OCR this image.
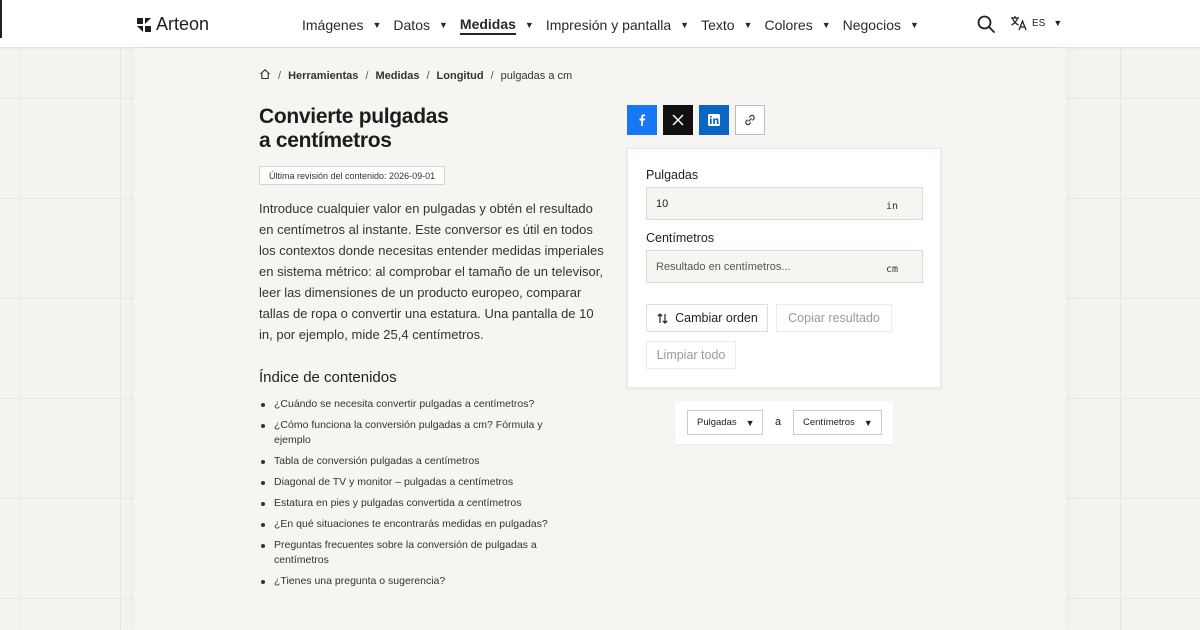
Arteon	Imágenes ▼ Datos ▼ Medidas ▼ Impresión y pantalla ▼ Texto ▼ Colores ▼ Negocios ▼	ES ▼
/ Herramientas / Medidas / Longitud / pulgadas a cm
Convierte pulgadas
a centímetros
Última revisión del contenido: 2026-09-01

Introduce cualquier valor en pulgadas y obtén el resultado en centímetros al instante. Este conversor es útil en todos los contextos donde necesitas entender medidas imperiales en sistema métrico: al comprobar el tamaño de un televisor, leer las dimensiones de un producto europeo, comparar tallas de ropa o convertir una estatura. Una pantalla de 10 in, por ejemplo, mide 25,4 centímetros.

Índice de contenidos
¿Cuándo se necesita convertir pulgadas a centímetros?
¿Cómo funciona la conversión pulgadas a cm? Fórmula y ejemplo
Tabla de conversión pulgadas a centímetros
Diagonal de TV y monitor – pulgadas a centímetros
Estatura en pies y pulgadas convertida a centímetros
¿En qué situaciones te encontrarás medidas en pulgadas?
Preguntas frecuentes sobre la conversión de pulgadas a centímetros
¿Tienes una pregunta o sugerencia?
Pulgadas
10	in
Centímetros
Resultado en centímetros...	cm
Cambiar orden Copiar resultado
Limpiar todo
Pulgadas ▼ a Centímetros ▼
